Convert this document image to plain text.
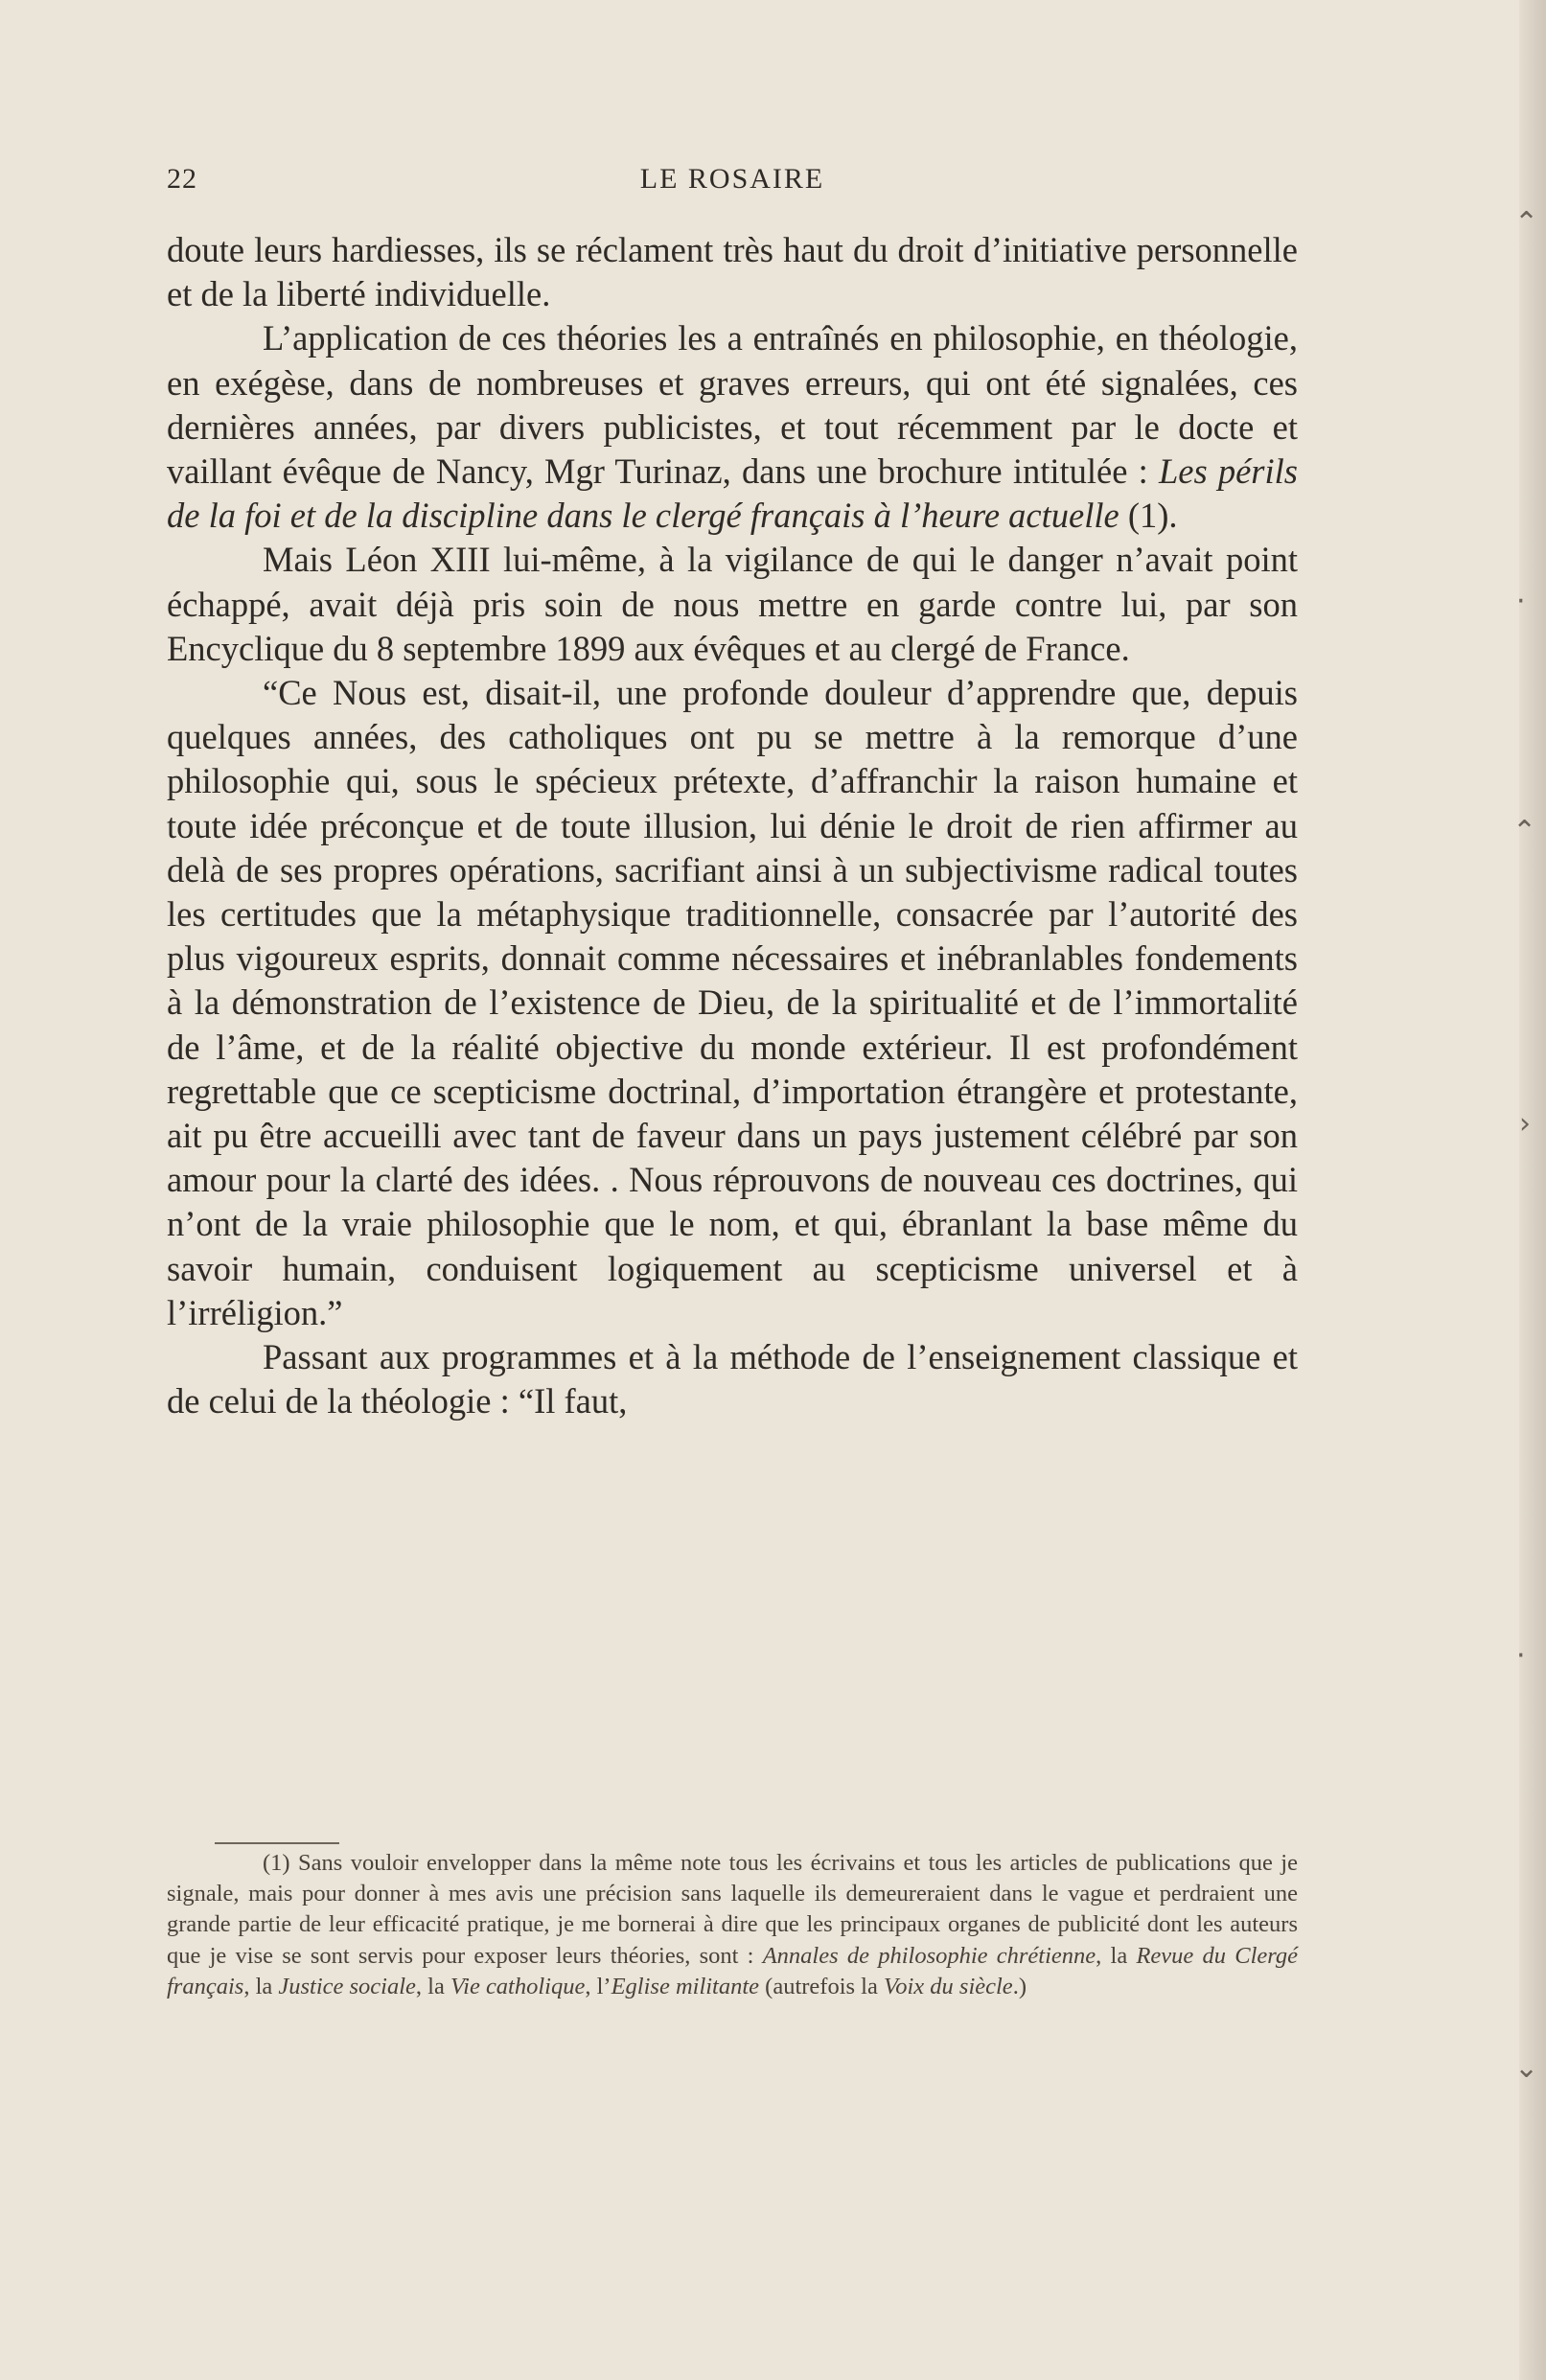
⌃
·
⌃
›
·
⌄
22	LE ROSAIRE

doute leurs hardiesses, ils se réclament très haut du droit d’initiative personnelle et de la liberté individuelle.

L’application de ces théories les a entraînés en philosophie, en théologie, en exégèse, dans de nombreuses et graves erreurs, qui ont été signalées, ces dernières années, par divers publicistes, et tout récemment par le docte et vaillant évêque de Nancy, Mgr Turinaz, dans une brochure intitulée : Les périls de la foi et de la discipline dans le clergé français à l’heure actuelle (1).

Mais Léon XIII lui-même, à la vigilance de qui le danger n’avait point échappé, avait déjà pris soin de nous mettre en garde contre lui, par son Encyclique du 8 septembre 1899 aux évêques et au clergé de France.

“Ce Nous est, disait-il, une profonde douleur d’apprendre que, depuis quelques années, des catholiques ont pu se mettre à la remorque d’une philosophie qui, sous le spécieux prétexte, d’affranchir la raison humaine et toute idée préconçue et de toute illusion, lui dénie le droit de rien affirmer au delà de ses propres opérations, sacrifiant ainsi à un subjectivisme radical toutes les certitudes que la métaphysique traditionnelle, consacrée par l’autorité des plus vigoureux esprits, donnait comme nécessaires et inébranlables fondements à la démonstration de l’existence de Dieu, de la spiritualité et de l’immortalité de l’âme, et de la réalité objective du monde extérieur. Il est profondément regrettable que ce scepticisme doctrinal, d’importation étrangère et protestante, ait pu être accueilli avec tant de faveur dans un pays justement célébré par son amour pour la clarté des idées. . Nous réprouvons de nouveau ces doctrines, qui n’ont de la vraie philosophie que le nom, et qui, ébranlant la base même du savoir humain, conduisent logiquement au scepticisme universel et à l’irréligion.”

Passant aux programmes et à la méthode de l’enseignement classique et de celui de la théologie : “Il faut,

(1) Sans vouloir envelopper dans la même note tous les écrivains et tous les articles de publications que je signale, mais pour donner à mes avis une précision sans laquelle ils demeureraient dans le vague et perdraient une grande partie de leur efficacité pratique, je me bornerai à dire que les principaux organes de publicité dont les auteurs que je vise se sont servis pour exposer leurs théories, sont : Annales de philosophie chrétienne, la Revue du Clergé français, la Justice sociale, la Vie catholique, l’Eglise militante (autrefois la Voix du siècle.)
